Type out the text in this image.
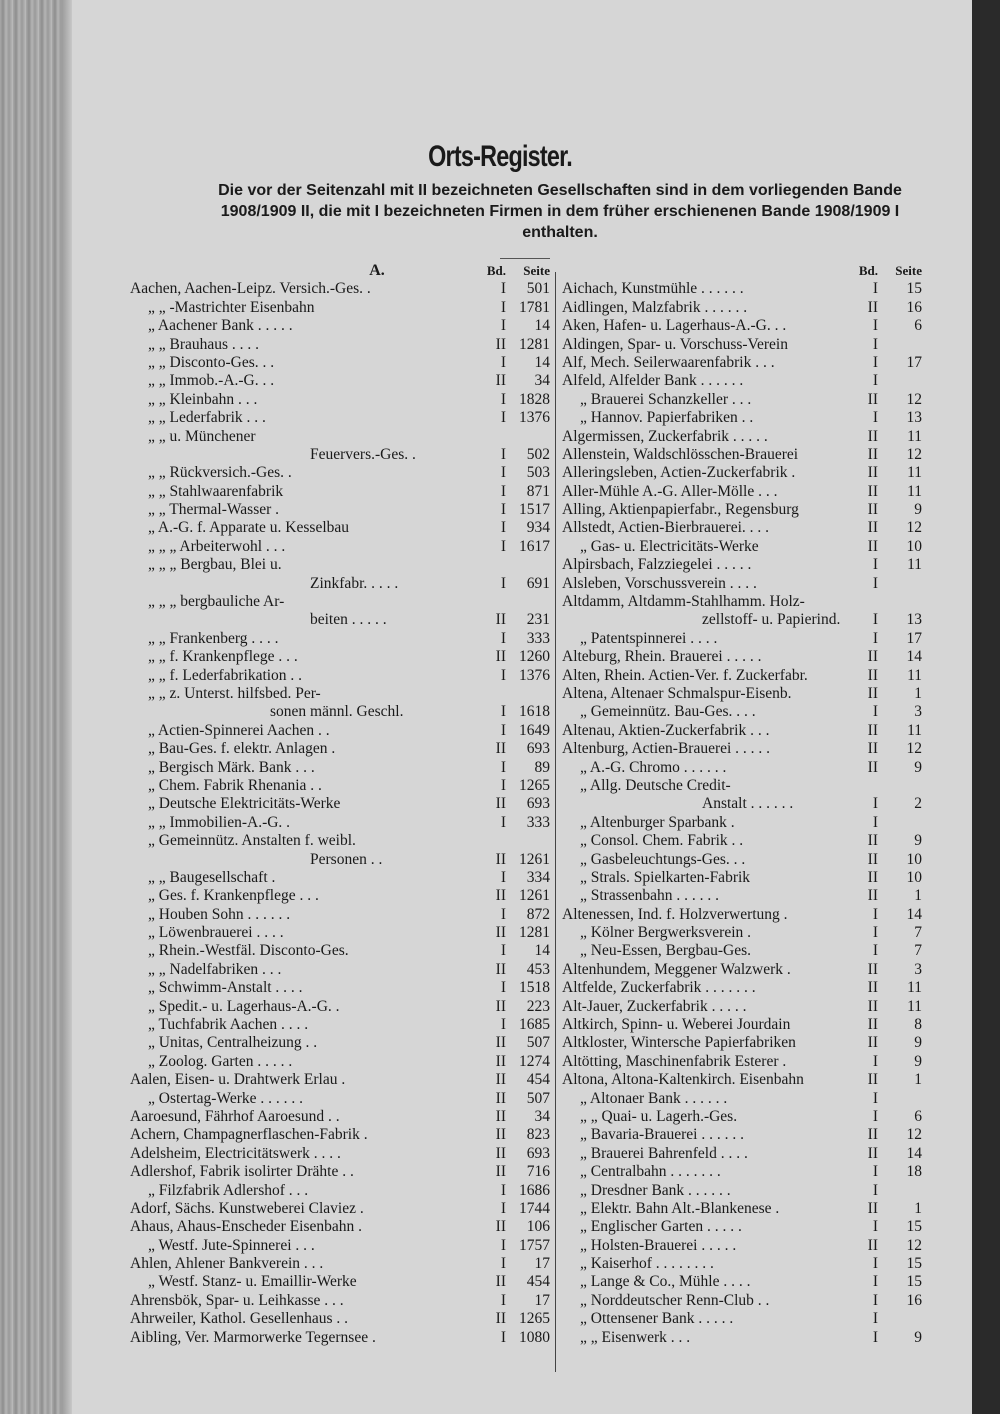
Orts-Register.
Die vor der Seitenzahl mit II bezeichneten Gesellschaften sind in dem vorliegenden Bande
1908/1909 II, die mit I bezeichneten Firmen in dem früher erschienenen Bande 1908/1909 I
enthalten.
A.	Bd.	Seite
Aachen, Aachen-Leipz. Versich.-Ges. .	I	501
„ „ -Mastrichter Eisenbahn	I 1781
„ Aachener Bank . . . . .	I	14
„ „ Brauhaus . . . .	II 1281
„ „ Disconto-Ges. . .	I	14
„ „ Immob.-A.-G. . .	II	34
„ „ Kleinbahn . . .	I 1828
„ „ Lederfabrik . . .	I 1376
„ „ u. Münchener
Feuervers.-Ges. .	I	502
„ „ Rückversich.-Ges. .	I	503
„ „ Stahlwaarenfabrik	I	871
„ „ Thermal-Wasser .	I 1517
„ A.-G. f. Apparate u. Kesselbau	I	934
„ „ „ Arbeiterwohl . . .	I 1617
„ „ „ Bergbau, Blei u.
Zinkfabr. . . . .	I	691
„ „ „ bergbauliche Ar-
beiten . . . . .	II	231
„ „ Frankenberg . . . .	I	333
„ „ f. Krankenpflege . . .	II 1260
„ „ f. Lederfabrikation . .	I 1376
„ „ z. Unterst. hilfsbed. Per-
sonen männl. Geschl.	I 1618
„ Actien-Spinnerei Aachen . .	I 1649
„ Bau-Ges. f. elektr. Anlagen .	II	693
„ Bergisch Märk. Bank . . .	I	89
„ Chem. Fabrik Rhenania . .	I 1265
„ Deutsche Elektricitäts-Werke	II	693
„ „ Immobilien-A.-G. .	I	333
„ Gemeinnütz. Anstalten f. weibl.
Personen . .	II 1261
„ „ Baugesellschaft .	I	334
„ Ges. f. Krankenpflege . . .	II 1261
„ Houben Sohn . . . . . .	I	872
„ Löwenbrauerei . . . .	II 1281
„ Rhein.-Westfäl. Disconto-Ges.	I	14
„ „ Nadelfabriken . . .	II	453
„ Schwimm-Anstalt . . . .	I 1518
„ Spedit.- u. Lagerhaus-A.-G. .	II	223
„ Tuchfabrik Aachen . . . .	I 1685
„ Unitas, Centralheizung . .	II	507
„ Zoolog. Garten . . . . .	II 1274
Aalen, Eisen- u. Drahtwerk Erlau .	II	454
„ Ostertag-Werke . . . . . .	II	507
Aaroesund, Fährhof Aaroesund . .	II	34
Achern, Champagnerflaschen-Fabrik .	II	823
Adelsheim, Electricitätswerk . . . .	II	693
Adlershof, Fabrik isolirter Drähte . .	II	716
„ Filzfabrik Adlershof . . .	I 1686
Adorf, Sächs. Kunstweberei Claviez .	I 1744
Ahaus, Ahaus-Enscheder Eisenbahn .	II	106
„ Westf. Jute-Spinnerei . . .	I 1757
Ahlen, Ahlener Bankverein . . .	I	17
„ Westf. Stanz- u. Emaillir-Werke	II	454
Ahrensbök, Spar- u. Leihkasse . . .	I	17
Ahrweiler, Kathol. Gesellenhaus . .	II 1265
Aibling, Ver. Marmorwerke Tegernsee .	I 1080
Bd.	Seite
Aichach, Kunstmühle . . . . . .	I	15
Aidlingen, Malzfabrik . . . . . .	II	16
Aken, Hafen- u. Lagerhaus-A.-G. . .	I	6
Aldingen, Spar- u. Vorschuss-Verein	I
Alf, Mech. Seilerwaarenfabrik . . .	I	17
Alfeld, Alfelder Bank . . . . . .	I
„ Brauerei Schanzkeller . . .	II	12
„ Hannov. Papierfabriken . .	I	13
Algermissen, Zuckerfabrik . . . . .	II	11
Allenstein, Waldschlösschen-Brauerei	II	12
Alleringsleben, Actien-Zuckerfabrik .	II	11
Aller-Mühle A.-G. Aller-Mölle . . .	II	11
Alling, Aktienpapierfabr., Regensburg	II	9
Allstedt, Actien-Bierbrauerei. . . .	II	12
„ Gas- u. Electricitäts-Werke	II	10
Alpirsbach, Falzziegelei . . . . .	I	11
Alsleben, Vorschussverein . . . .	I
Altdamm, Altdamm-Stahlhamm. Holz-
zellstoff- u. Papierind.	I	13
„ Patentspinnerei . . . .	I	17
Alteburg, Rhein. Brauerei . . . . .	II	14
Alten, Rhein. Actien-Ver. f. Zuckerfabr.	II	11
Altena, Altenaer Schmalspur-Eisenb.	II	1
„ Gemeinnütz. Bau-Ges. . . .	I	3
Altenau, Aktien-Zuckerfabrik . . .	II	11
Altenburg, Actien-Brauerei . . . . .	II	12
„ A.-G. Chromo . . . . . .	II	9
„ Allg. Deutsche Credit-
Anstalt . . . . . .	I	2
„ Altenburger Sparbank .	I
„ Consol. Chem. Fabrik . .	II	9
„ Gasbeleuchtungs-Ges. . .	II	10
„ Strals. Spielkarten-Fabrik	II	10
„ Strassenbahn . . . . . .	II	1
Altenessen, Ind. f. Holzverwertung .	I	14
„ Kölner Bergwerksverein .	I	7
„ Neu-Essen, Bergbau-Ges.	I	7
Altenhundem, Meggener Walzwerk .	II	3
Altfelde, Zuckerfabrik . . . . . . .	II	11
Alt-Jauer, Zuckerfabrik . . . . .	II	11
Altkirch, Spinn- u. Weberei Jourdain	II	8
Altkloster, Wintersche Papierfabriken	II	9
Altötting, Maschinenfabrik Esterer .	I	9
Altona, Altona-Kaltenkirch. Eisenbahn	II	1
„ Altonaer Bank . . . . . .	I
„ „ Quai- u. Lagerh.-Ges.	I	6
„ Bavaria-Brauerei . . . . . .	II	12
„ Brauerei Bahrenfeld . . . .	II	14
„ Centralbahn . . . . . . .	I	18
„ Dresdner Bank . . . . . .	I
„ Elektr. Bahn Alt.-Blankenese .	II	1
„ Englischer Garten . . . . .	I	15
„ Holsten-Brauerei . . . . .	II	12
„ Kaiserhof . . . . . . . .	I	15
„ Lange & Co., Mühle . . . .	I	15
„ Norddeutscher Renn-Club . .	I	16
„ Ottensener Bank . . . . .	I
„ „ Eisenwerk . . .	I	9
